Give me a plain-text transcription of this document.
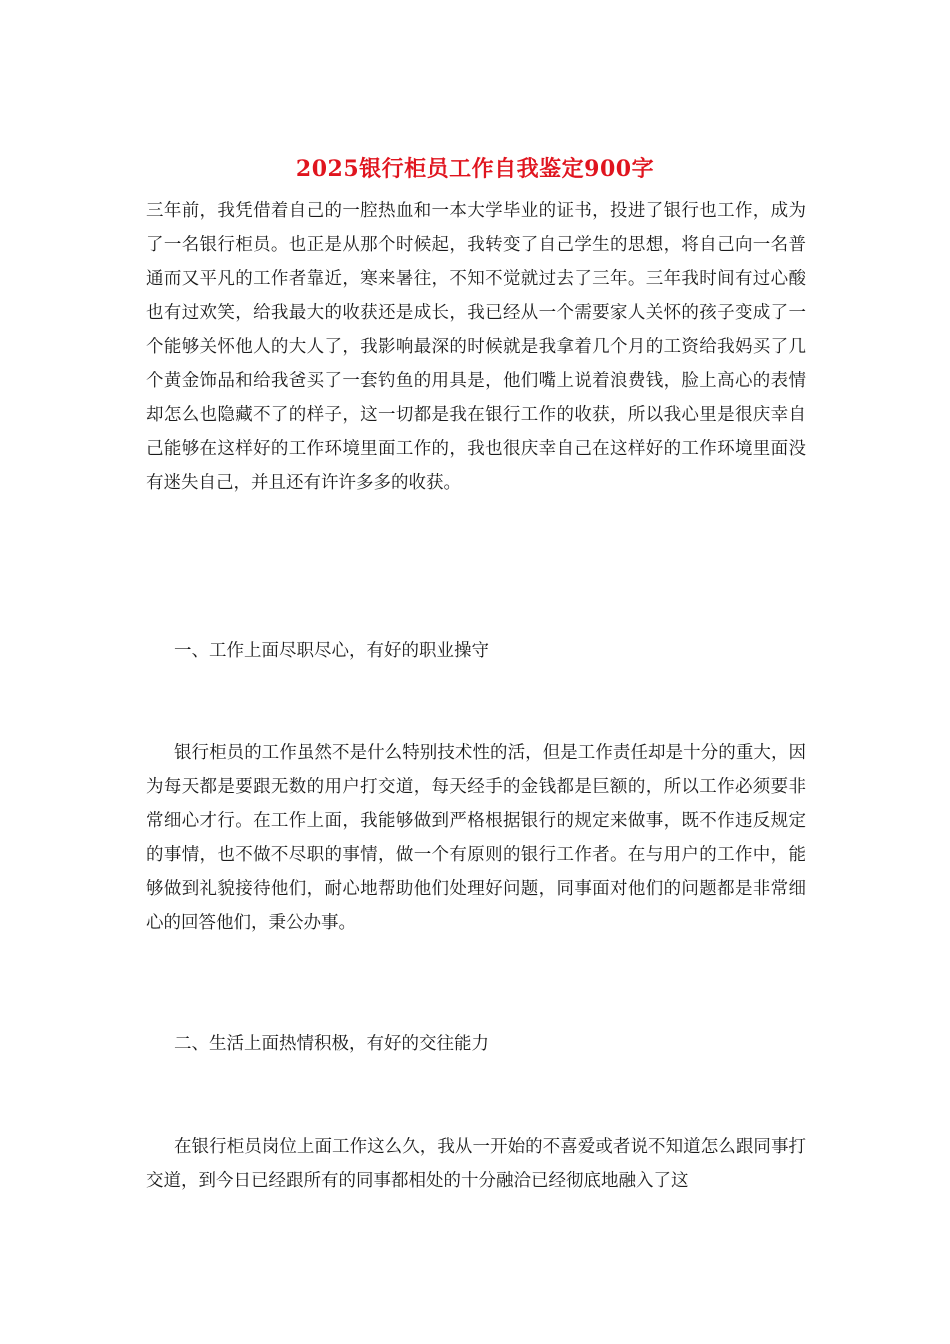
2025银行柜员工作自我鉴定900字

三年前，我凭借着自己的一腔热血和一本大学毕业的证书，投进了银行也工作，成为了一名银行柜员。也正是从那个时候起，我转变了自己学生的思想，将自己向一名普通而又平凡的工作者靠近，寒来暑往，不知不觉就过去了三年。三年我时间有过心酸也有过欢笑，给我最大的收获还是成长，我已经从一个需要家人关怀的孩子变成了一个能够关怀他人的大人了，我影响最深的时候就是我拿着几个月的工资给我妈买了几个黄金饰品和给我爸买了一套钓鱼的用具是，他们嘴上说着浪费钱，脸上高心的表情却怎么也隐藏不了的样子，这一切都是我在银行工作的收获，所以我心里是很庆幸自己能够在这样好的工作环境里面工作的，我也很庆幸自己在这样好的工作环境里面没有迷失自己，并且还有许许多多的收获。

一、工作上面尽职尽心，有好的职业操守

银行柜员的工作虽然不是什么特别技术性的活，但是工作责任却是十分的重大，因为每天都是要跟无数的用户打交道，每天经手的金钱都是巨额的，所以工作必须要非常细心才行。在工作上面，我能够做到严格根据银行的规定来做事，既不作违反规定的事情，也不做不尽职的事情，做一个有原则的银行工作者。在与用户的工作中，能够做到礼貌接待他们，耐心地帮助他们处理好问题，同事面对他们的问题都是非常细心的回答他们，秉公办事。

二、生活上面热情积极，有好的交往能力

在银行柜员岗位上面工作这么久，我从一开始的不喜爱或者说不知道怎么跟同事打交道，到今日已经跟所有的同事都相处的十分融洽已经彻底地融入了这
